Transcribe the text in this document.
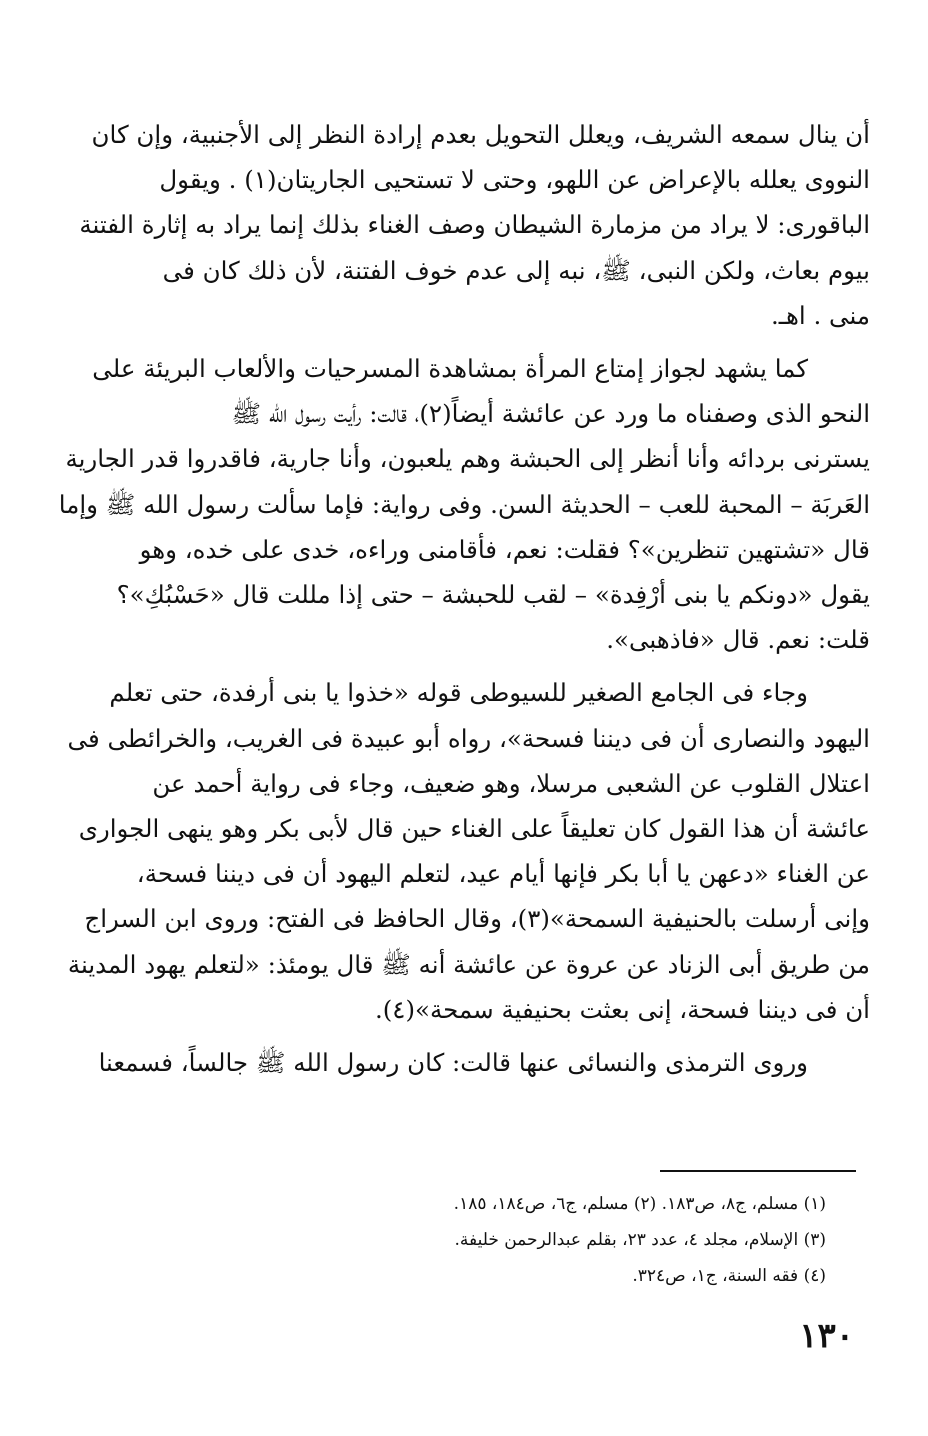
أن ينال سمعه الشريف، ويعلل التحويل بعدم إرادة النظر إلى الأجنبية، وإن كان
النووى يعلله بالإعراض عن اللهو، وحتى لا تستحيى الجاريتان(١) . ويقول
الباقورى: لا يراد من مزمارة الشيطان وصف الغناء بذلك إنما يراد به إثارة الفتنة
بيوم بعاث، ولكن النبى، ﷺ، نبه إلى عدم خوف الفتنة، لأن ذلك كان فى
منى . اهـ.
كما يشهد لجواز إمتاع المرأة بمشاهدة المسرحيات والألعاب البريئة على
النحو الذى وصفناه ما ورد عن عائشة أيضاً(٢)، قالت: رأيت رسول الله ﷺ
يسترنى بردائه وأنا أنظر إلى الحبشة وهم يلعبون، وأنا جارية، فاقدروا قدر الجارية
العَربَة – المحبة للعب – الحديثة السن. وفى رواية: فإما سألت رسول الله ﷺ وإما
قال «تشتهين تنظرين»؟ فقلت: نعم، فأقامنى وراءه، خدى على خده، وهو
يقول «دونكم يا بنى أرْفِدة» – لقب للحبشة – حتى إذا مللت قال «حَسْبُكِ»؟
قلت: نعم. قال «فاذهبى».
وجاء فى الجامع الصغير للسيوطى قوله «خذوا يا بنى أرفدة، حتى تعلم
اليهود والنصارى أن فى ديننا فسحة»، رواه أبو عبيدة فى الغريب، والخرائطى فى
اعتلال القلوب عن الشعبى مرسلا، وهو ضعيف، وجاء فى رواية أحمد عن
عائشة أن هذا القول كان تعليقاً على الغناء حين قال لأبى بكر وهو ينهى الجوارى
عن الغناء «دعهن يا أبا بكر فإنها أيام عيد، لتعلم اليهود أن فى ديننا فسحة،
وإنى أرسلت بالحنيفية السمحة»(٣)، وقال الحافظ فى الفتح: وروى ابن السراج
من طريق أبى الزناد عن عروة عن عائشة أنه ﷺ قال يومئذ: «لتعلم يهود المدينة
أن فى ديننا فسحة، إنى بعثت بحنيفية سمحة»(٤).
وروى الترمذى والنسائى عنها قالت: كان رسول الله ﷺ جالساً، فسمعنا
(١) مسلم، ج٨، ص١٨٣. (٢) مسلم، ج٦، ص١٨٤، ١٨٥.
(٣) الإسلام، مجلد ٤، عدد ٢٣، بقلم عبدالرحمن خليفة.
(٤) فقه السنة، ج١، ص٣٢٤.
١٣٠
